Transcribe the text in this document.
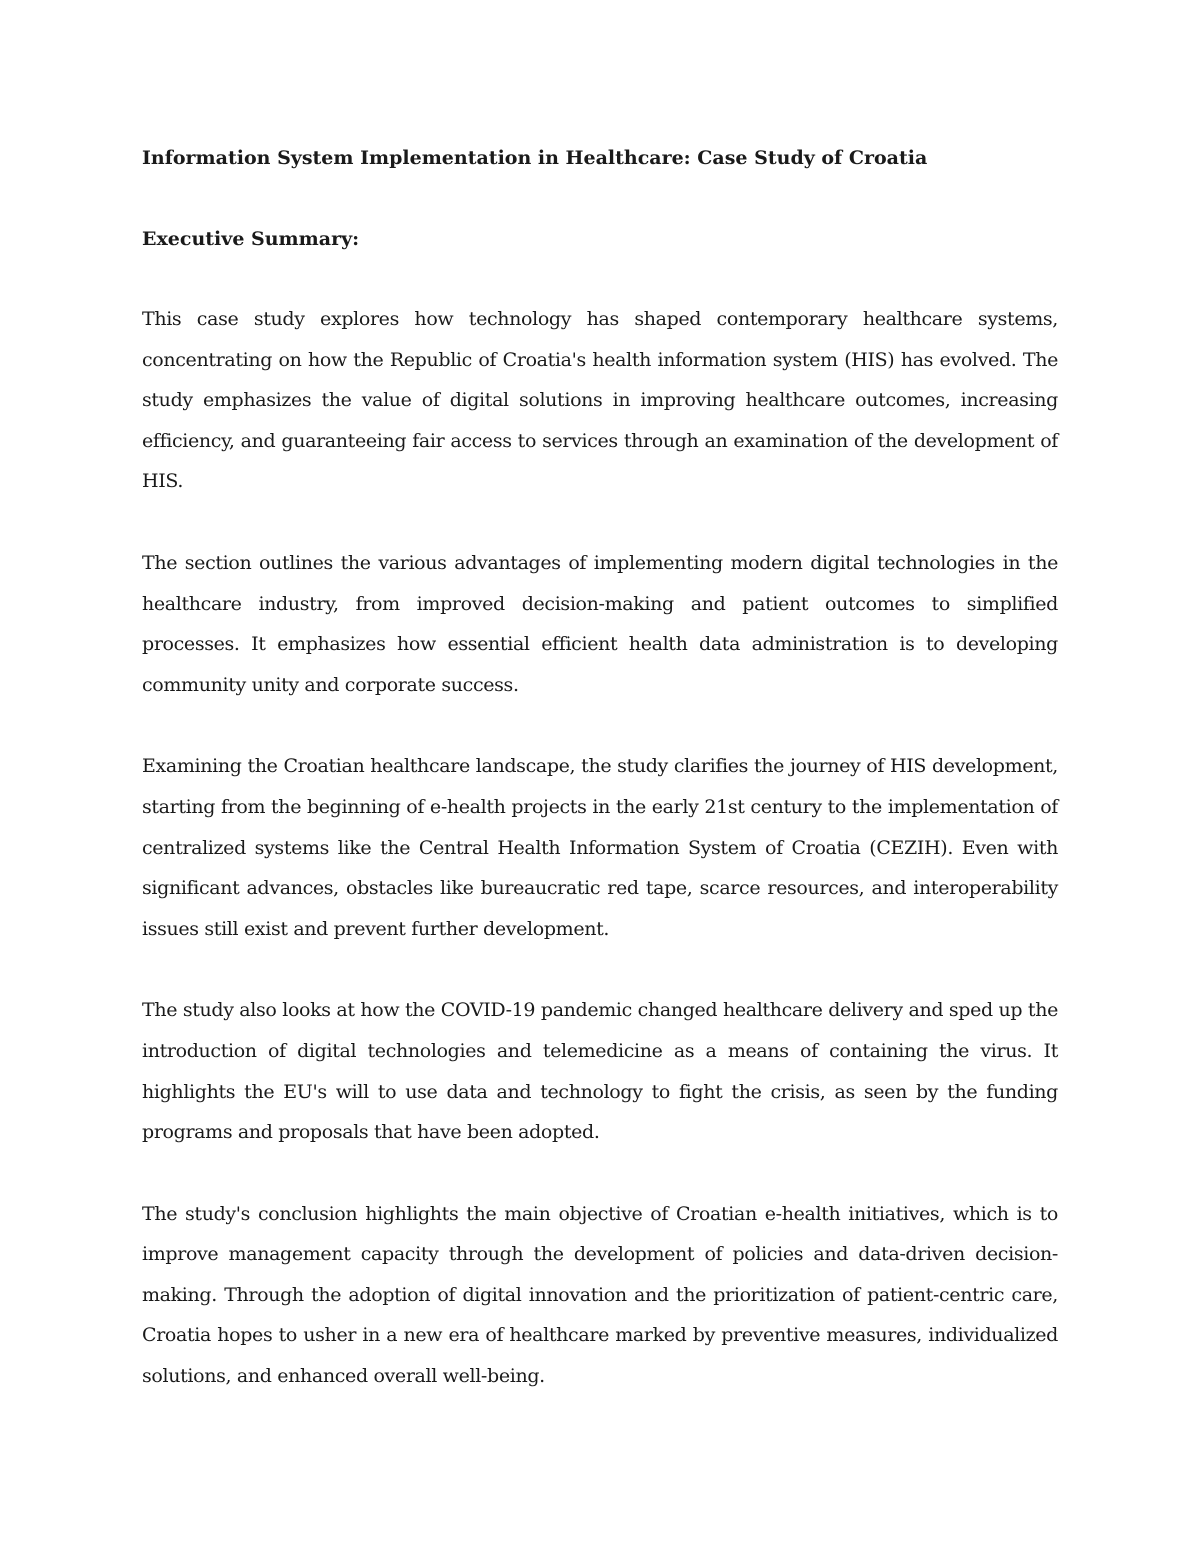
Information System Implementation in Healthcare: Case Study of Croatia
Executive Summary:
This case study explores how technology has shaped contemporary healthcare systems, concentrating on how the Republic of Croatia's health information system (HIS) has evolved. The study emphasizes the value of digital solutions in improving healthcare outcomes, increasing efficiency, and guaranteeing fair access to services through an examination of the development of HIS.
The section outlines the various advantages of implementing modern digital technologies in the healthcare industry, from improved decision-making and patient outcomes to simplified processes. It emphasizes how essential efficient health data administration is to developing community unity and corporate success.
Examining the Croatian healthcare landscape, the study clarifies the journey of HIS development, starting from the beginning of e-health projects in the early 21st century to the implementation of centralized systems like the Central Health Information System of Croatia (CEZIH). Even with significant advances, obstacles like bureaucratic red tape, scarce resources, and interoperability issues still exist and prevent further development.
The study also looks at how the COVID-19 pandemic changed healthcare delivery and sped up the introduction of digital technologies and telemedicine as a means of containing the virus. It highlights the EU's will to use data and technology to fight the crisis, as seen by the funding programs and proposals that have been adopted.
The study's conclusion highlights the main objective of Croatian e-health initiatives, which is to improve management capacity through the development of policies and data-driven decision-making. Through the adoption of digital innovation and the prioritization of patient-centric care, Croatia hopes to usher in a new era of healthcare marked by preventive measures, individualized solutions, and enhanced overall well-being.
